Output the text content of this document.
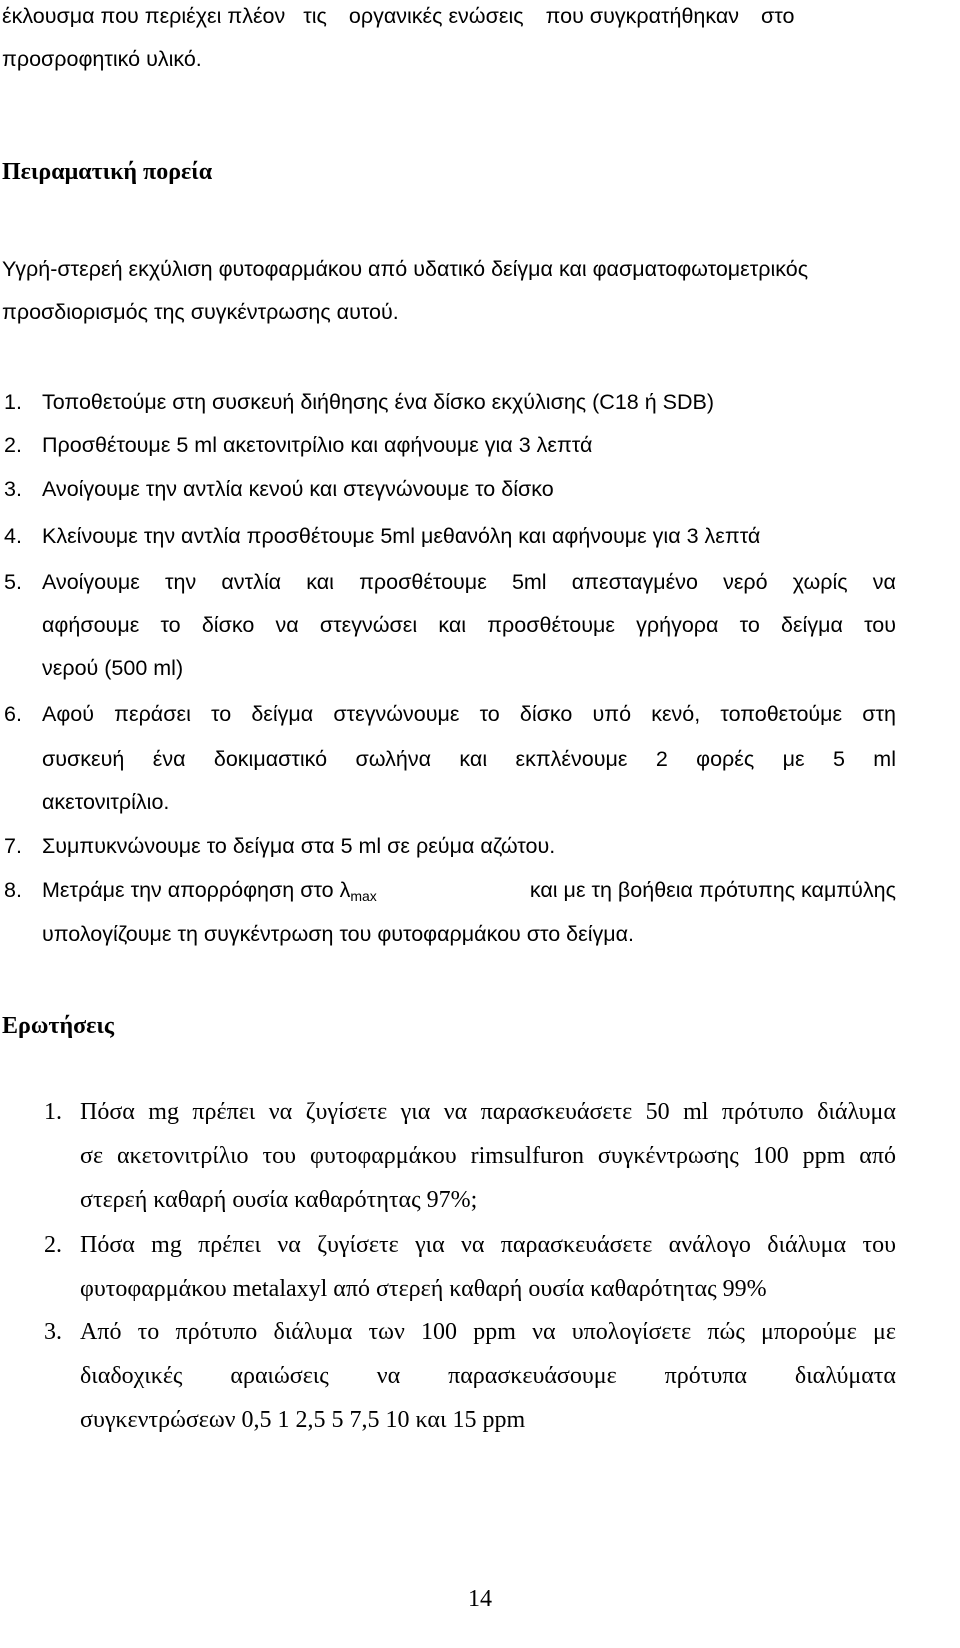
έκλουσμα που περιέχει πλέον τις οργανικές ενώσεις που συγκρατήθηκαν στο
προσροφητικό υλικό.
Πειραματική πορεία
Υγρή-στερεή εκχύλιση φυτοφαρμάκου από υδατικό δείγμα και φασματοφωτομετρικός
προσδιορισμός της συγκέντρωσης αυτού.
1. Τοποθετούμε στη συσκευή διήθησης ένα δίσκο εκχύλισης (C18 ή SDB)
2. Προσθέτουμε 5 ml ακετονιτρίλιο και αφήνουμε για 3 λεπτά
3. Ανοίγουμε την αντλία κενού και στεγνώνουμε το δίσκο
4. Κλείνουμε την αντλία προσθέτουμε 5ml μεθανόλη και αφήνουμε για 3 λεπτά
5. Ανοίγουμε την αντλία και προσθέτουμε 5ml απεσταγμένο νερό χωρίς να
αφήσουμε το δίσκο να στεγνώσει και προσθέτουμε γρήγορα το δείγμα του
νερού (500 ml)
6. Αφού περάσει το δείγμα στεγνώνουμε το δίσκο υπό κενό, τοποθετούμε στη
συσκευή ένα δοκιμαστικό σωλήνα και εκπλένουμε 2 φορές με 5 ml
ακετονιτρίλιο.
7. Συμπυκνώνουμε το δείγμα στα 5 ml σε ρεύμα αζώτου.
8. Μετράμε την απορρόφηση στο $\lambda_{max}$	και με τη βοήθεια πρότυπης καμπύλης
υπολογίζουμε τη συγκέντρωση του φυτοφαρμάκου στο δείγμα.
Ερωτήσεις
1. Πόσα mg πρέπει να ζυγίσετε για να παρασκευάσετε 50 ml πρότυπο διάλυμα
σε ακετονιτρίλιο του φυτοφαρμάκου rimsulfuron συγκέντρωσης 100 ppm από
στερεή καθαρή ουσία καθαρότητας 97%;
2. Πόσα mg πρέπει να ζυγίσετε για να παρασκευάσετε ανάλογο διάλυμα του
φυτοφαρμάκου metalaxyl από στερεή καθαρή ουσία καθαρότητας 99%
3. Από το πρότυπο διάλυμα των 100 ppm να υπολογίσετε πώς μπορούμε με
διαδοχικές αραιώσεις να παρασκευάσουμε πρότυπα διαλύματα
συγκεντρώσεων 0,5 1 2,5 5 7,5 10 και 15 ppm
14
